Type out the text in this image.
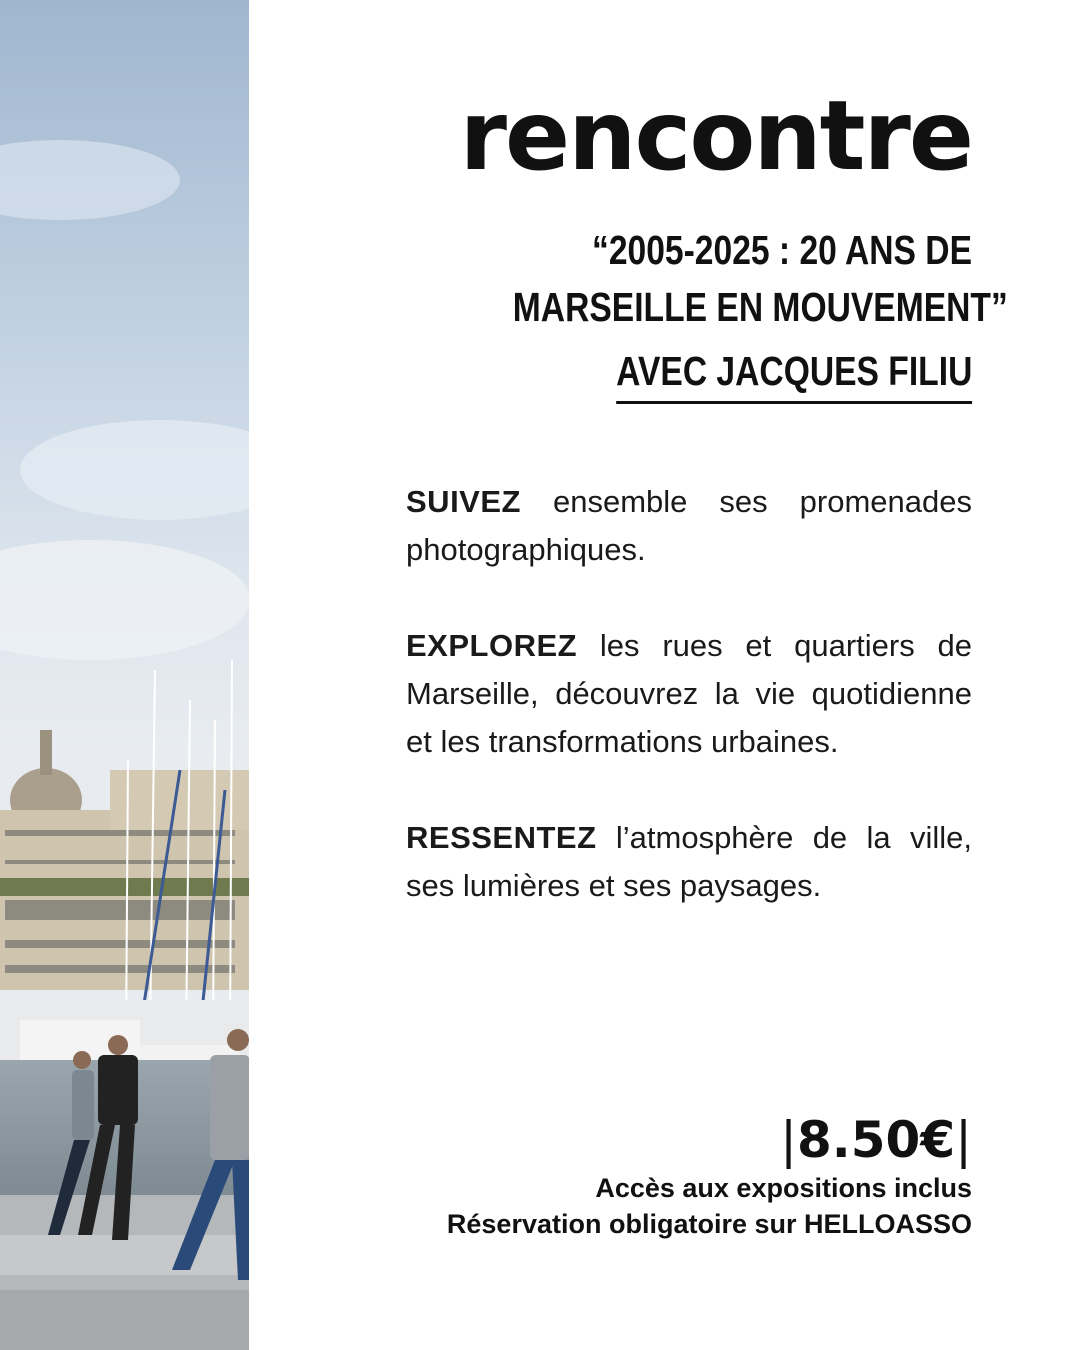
rencontre
“2005-2025 : 20 ANS DE
MARSEILLE EN MOUVEMENT”
AVEC JACQUES FILIU

SUIVEZ ensemble ses promenades photographiques.

EXPLOREZ les rues et quartiers de Marseille, découvrez la vie quotidienne et les transformations urbaines.

RESSENTEZ l’atmosphère de la ville, ses lumières et ses paysages.

|8.50€|
Accès aux expositions inclus
Réservation obligatoire sur HELLOASSO
